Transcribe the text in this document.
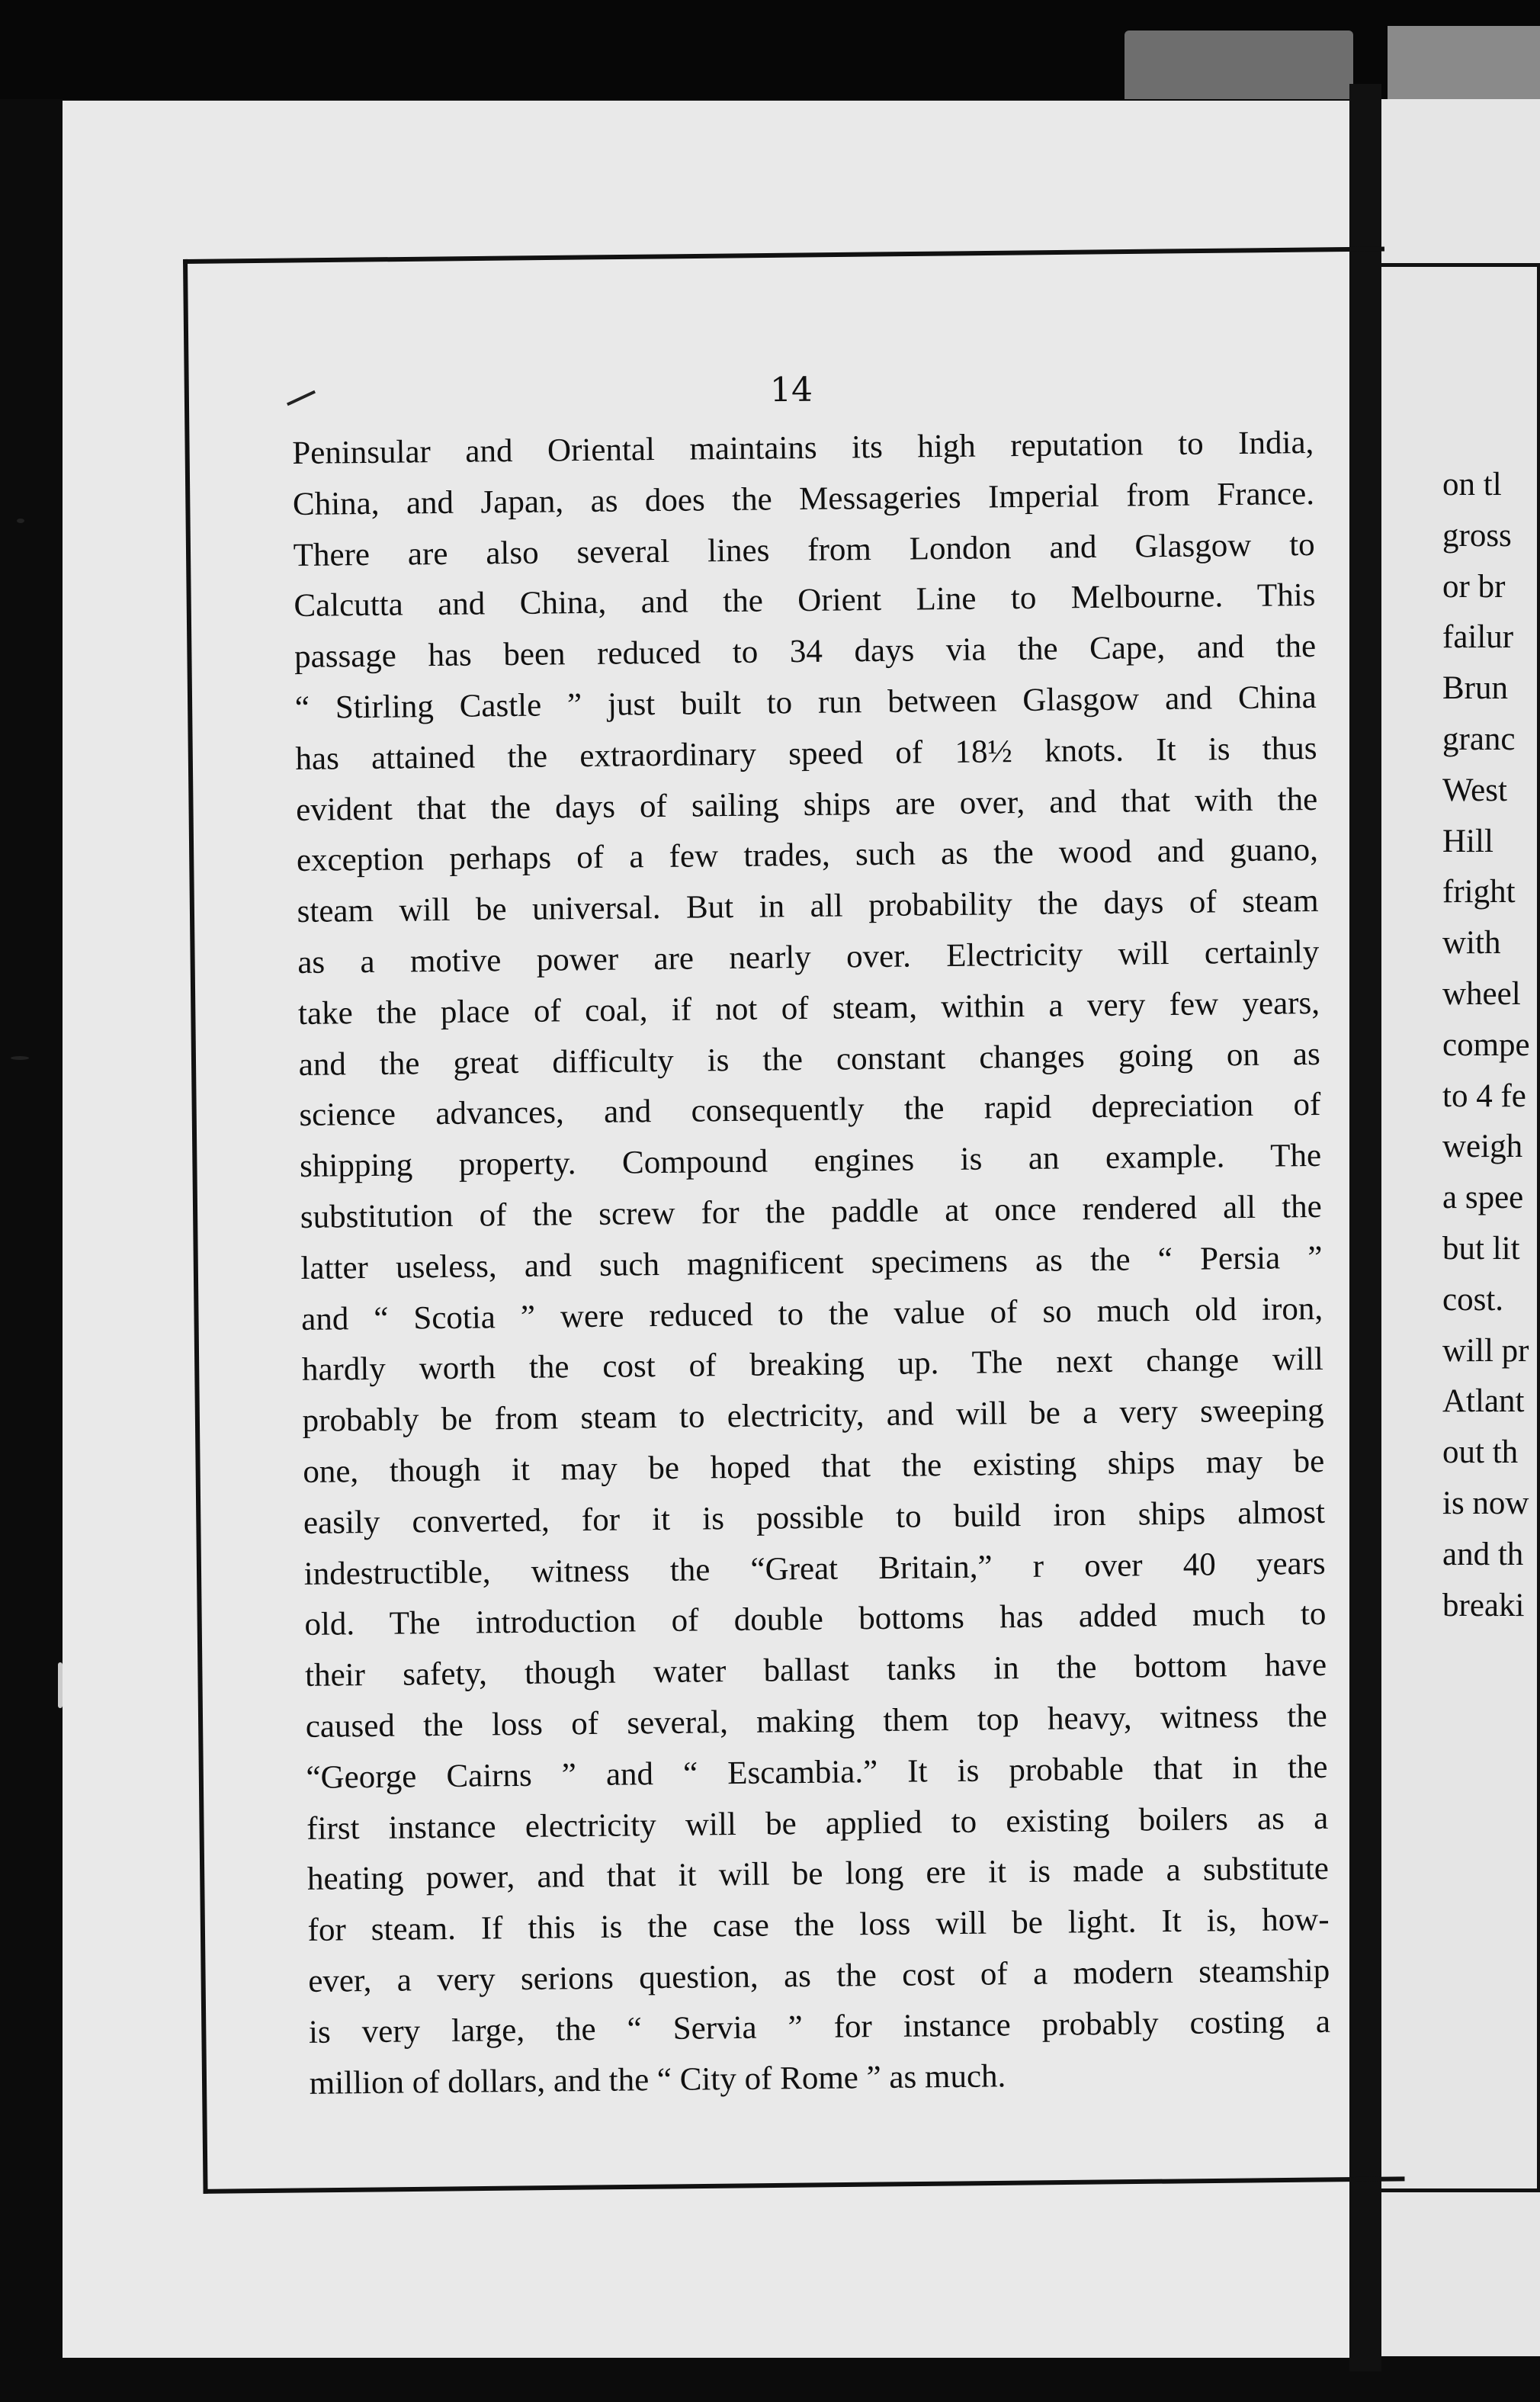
14
Peninsular and Oriental maintains its high reputation to India,
China, and Japan, as does the Messageries Imperial from France.
There are also several lines from London and Glasgow to
Calcutta and China, and the Orient Line to Melbourne. This
passage has been reduced to 34 days via the Cape, and the
“ Stirling Castle ” just built to run between Glasgow and China
has attained the extraordinary speed of 18½ knots. It is thus
evident that the days of sailing ships are over, and that with the
exception perhaps of a few trades, such as the wood and guano,
steam will be universal. But in all probability the days of steam
as a motive power are nearly over. Electricity will certainly
take the place of coal, if not of steam, within a very few years,
and the great difficulty is the constant changes going on as
science advances, and consequently the rapid depreciation of
shipping property. Compound engines is an example. The
substitution of the screw for the paddle at once rendered all the
latter useless, and such magnificent specimens as the “ Persia ”
and “ Scotia ” were reduced to the value of so much old iron,
hardly worth the cost of breaking up. The next change will
probably be from steam to electricity, and will be a very sweeping
one, though it may be hoped that the existing ships may be
easily converted, for it is possible to build iron ships almost
indestructible, witness the “Great Britain,” r over 40 years
old. The introduction of double bottoms has added much to
their safety, though water ballast tanks in the bottom have
caused the loss of several, making them top heavy, witness the
“George Cairns ” and “ Escambia.” It is probable that in the
first instance electricity will be applied to existing boilers as a
heating power, and that it will be long ere it is made a substitute
for steam. If this is the case the loss will be light. It is, how-
ever, a very serions question, as the cost of a modern steamship
is very large, the “ Servia ” for instance probably costing a
million of dollars, and the “ City of Rome ” as much.
on tl
gross
or br
failur
Brun
granc
West
Hill
fright
with
wheel
compe
to 4 fe
weigh
a spee
but lit
cost.
will pr
Atlant
out th
is now
and th
breaki
